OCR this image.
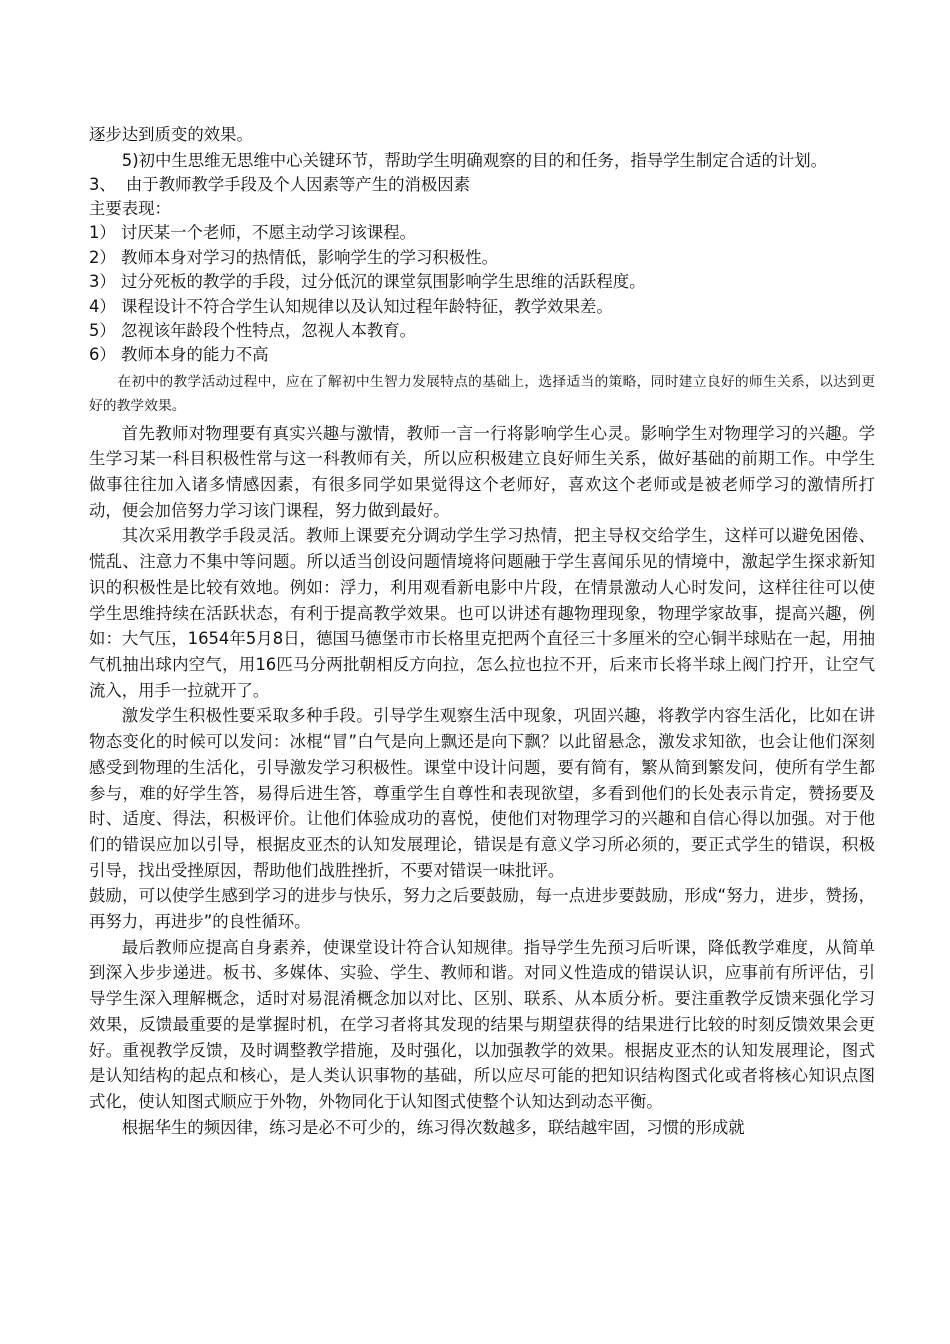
逐步达到质变的效果。

5)初中生思维无思维中心关键环节，帮助学生明确观察的目的和任务，指导学生制定合适的计划。

3、 由于教师教学手段及个人因素等产生的消极因素

主要表现：

1） 讨厌某一个老师，不愿主动学习该课程。

2） 教师本身对学习的热情低，影响学生的学习积极性。

3） 过分死板的教学的手段，过分低沉的课堂氛围影响学生思维的活跃程度。

4） 课程设计不符合学生认知规律以及认知过程年龄特征，教学效果差。

5） 忽视该年龄段个性特点，忽视人本教育。

6） 教师本身的能力不高

在初中的教学活动过程中，应在了解初中生智力发展特点的基础上，选择适当的策略，同时建立良好的师生关系，以达到更好的教学效果。

首先教师对物理要有真实兴趣与激情，教师一言一行将影响学生心灵。影响学生对物理学习的兴趣。学生学习某一科目积极性常与这一科教师有关，所以应积极建立良好师生关系，做好基础的前期工作。中学生做事往往加入诸多情感因素，有很多同学如果觉得这个老师好，喜欢这个老师或是被老师学习的激情所打动，便会加倍努力学习该门课程，努力做到最好。

其次采用教学手段灵活。教师上课要充分调动学生学习热情，把主导权交给学生，这样可以避免困倦、慌乱、注意力不集中等问题。所以适当创设问题情境将问题融于学生喜闻乐见的情境中，激起学生探求新知识的积极性是比较有效地。例如：浮力，利用观看新电影中片段，在情景激动人心时发问，这样往往可以使学生思维持续在活跃状态，有利于提高教学效果。也可以讲述有趣物理现象，物理学家故事，提高兴趣，例如：大气压，1654年5月8日，德国马德堡市市长格里克把两个直径三十多厘米的空心铜半球贴在一起，用抽气机抽出球内空气，用16匹马分两批朝相反方向拉，怎么拉也拉不开，后来市长将半球上阀门拧开，让空气流入，用手一拉就开了。

激发学生积极性要采取多种手段。引导学生观察生活中现象，巩固兴趣，将教学内容生活化，比如在讲物态变化的时候可以发问：冰棍“冒”白气是向上飘还是向下飘？以此留悬念，激发求知欲，也会让他们深刻感受到物理的生活化，引导激发学习积极性。课堂中设计问题，要有简有，繁从简到繁发问，使所有学生都参与，难的好学生答，易得后进生答，尊重学生自尊性和表现欲望，多看到他们的长处表示肯定，赞扬要及时、适度、得法，积极评价。让他们体验成功的喜悦，使他们对物理学习的兴趣和自信心得以加强。对于他们的错误应加以引导，根据皮亚杰的认知发展理论，错误是有意义学习所必须的，要正式学生的错误，积极引导，找出受挫原因，帮助他们战胜挫折，不要对错误一味批评。

鼓励，可以使学生感到学习的进步与快乐，努力之后要鼓励，每一点进步要鼓励，形成“努力，进步，赞扬，再努力，再进步”的良性循环。

最后教师应提高自身素养，使课堂设计符合认知规律。指导学生先预习后听课，降低教学难度，从简单到深入步步递进。板书、多媒体、实验、学生、教师和谐。对同义性造成的错误认识，应事前有所评估，引导学生深入理解概念，适时对易混淆概念加以对比、区别、联系、从本质分析。要注重教学反馈来强化学习效果，反馈最重要的是掌握时机，在学习者将其发现的结果与期望获得的结果进行比较的时刻反馈效果会更好。重视教学反馈，及时调整教学措施，及时强化，以加强教学的效果。根据皮亚杰的认知发展理论，图式是认知结构的起点和核心，是人类认识事物的基础，所以应尽可能的把知识结构图式化或者将核心知识点图式化，使认知图式顺应于外物，外物同化于认知图式使整个认知达到动态平衡。

根据华生的频因律，练习是必不可少的，练习得次数越多，联结越牢固，习惯的形成就
